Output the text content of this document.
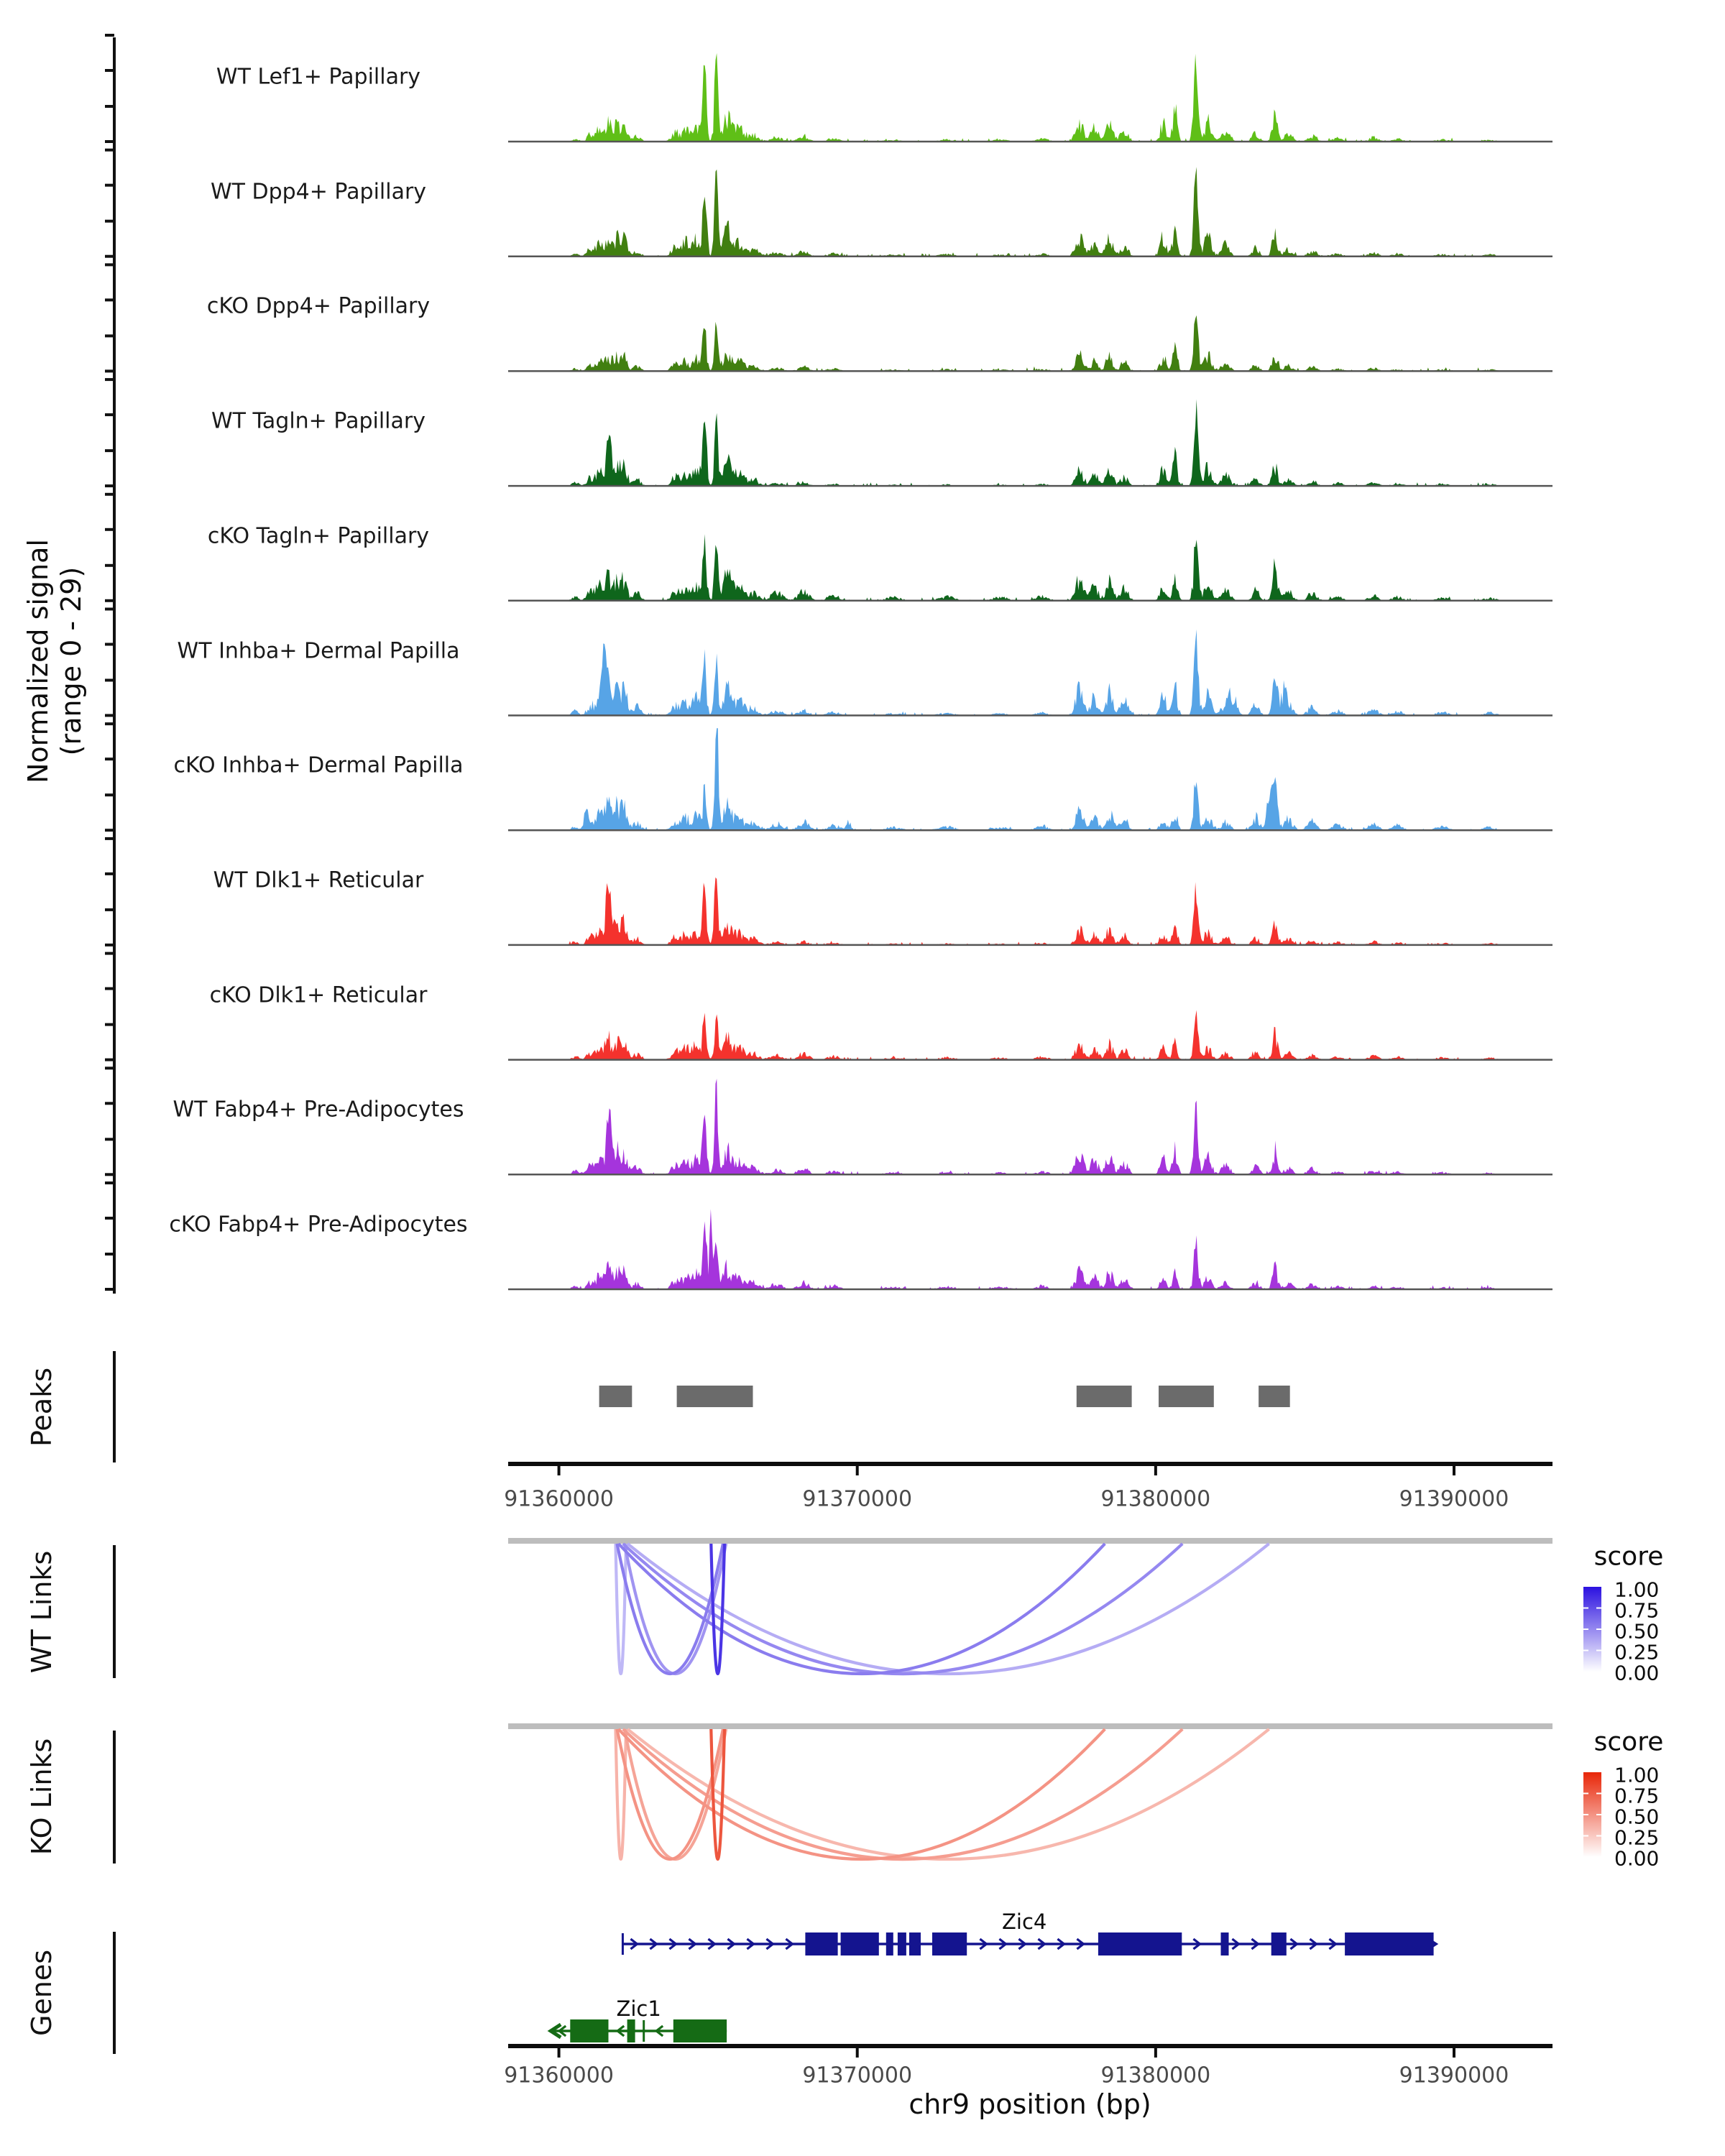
Normalized signal (range 0 - 29)
Peaks
WT Links
KO Links
Genes
score
score
chr9 position (bp)
WT Lef1+ Papillary
WT Dpp4+ Papillary
cKO Dpp4+ Papillary
WT Tagln+ Papillary
cKO Tagln+ Papillary
WT Inhba+ Dermal Papilla
cKO Inhba+ Dermal Papilla
WT Dlk1+ Reticular
cKO Dlk1+ Reticular
WT Fabp4+ Pre-Adipocytes
cKO Fabp4+ Pre-Adipocytes
91360000	91370000	91380000	91390000
91360000	91370000	91380000	91390000
1.00
0.75
0.50
0.25
0.00
1.00
0.75
0.50
0.25
0.00
Zic4
Zic1
